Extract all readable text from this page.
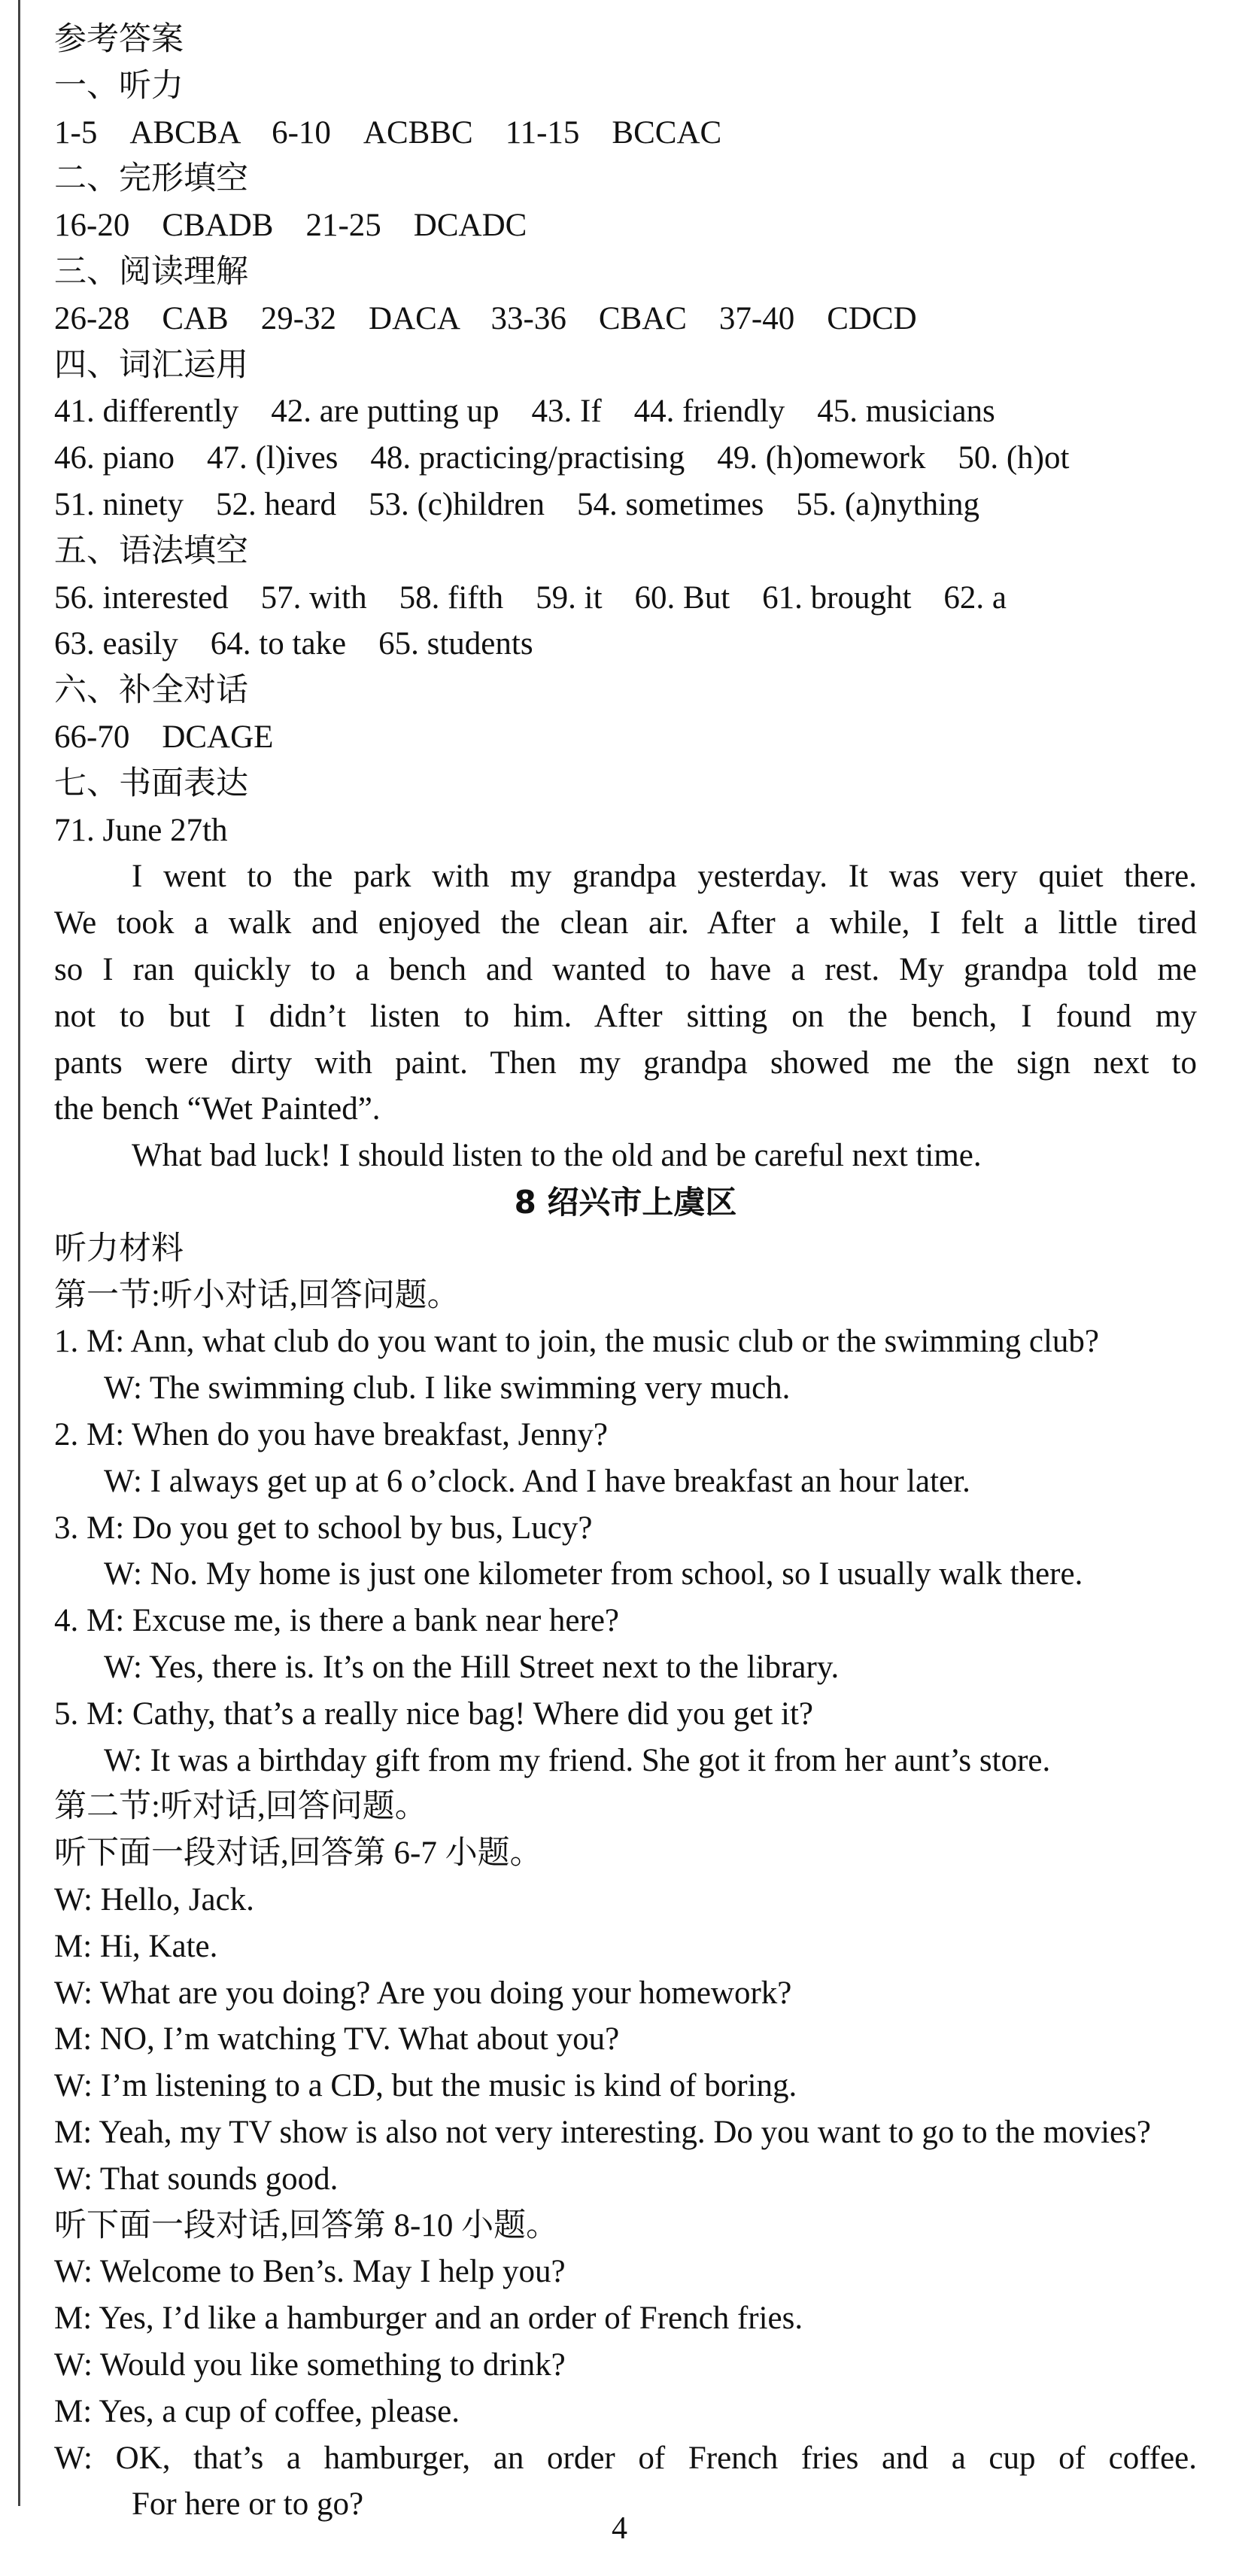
参考答案
一、听力
1-5　ABCBA　6-10　ACBBC　11-15　BCCAC
二、完形填空
16-20　CBADB　21-25　DCADC
三、阅读理解
26-28　CAB　29-32　DACA　33-36　CBAC　37-40　CDCD
四、词汇运用
41. differently　42. are putting up　43. If　44. friendly　45. musicians
46. piano　47. (l)ives　48. practicing/practising　49. (h)omework　50. (h)ot
51. ninety　52. heard　53. (c)hildren　54. sometimes　55. (a)nything
五、语法填空
56. interested　57. with　58. fifth　59. it　60. But　61. brought　62. a
63. easily　64. to take　65. students
六、补全对话
66-70　DCAGE
七、书面表达
71. June 27th
I went to the park with my grandpa yesterday. It was very quiet there.
We took a walk and enjoyed the clean air. After a while, I felt a little tired
so I ran quickly to a bench and wanted to have a rest. My grandpa told me
not to but I didn’t listen to him. After sitting on the bench, I found my
pants were dirty with paint. Then my grandpa showed me the sign next to
the bench “Wet Painted”.
What bad luck! I should listen to the old and be careful next time.
8 绍兴市上虞区
听力材料
第一节:听小对话,回答问题。
1. M: Ann, what club do you want to join, the music club or the swimming club?
W: The swimming club. I like swimming very much.
2. M: When do you have breakfast, Jenny?
W: I always get up at 6 o’clock. And I have breakfast an hour later.
3. M: Do you get to school by bus, Lucy?
W: No. My home is just one kilometer from school, so I usually walk there.
4. M: Excuse me, is there a bank near here?
W: Yes, there is. It’s on the Hill Street next to the library.
5. M: Cathy, that’s a really nice bag! Where did you get it?
W: It was a birthday gift from my friend. She got it from her aunt’s store.
第二节:听对话,回答问题。
听下面一段对话,回答第 6-7 小题。
W: Hello, Jack.
M: Hi, Kate.
W: What are you doing? Are you doing your homework?
M: NO, I’m watching TV. What about you?
W: I’m listening to a CD, but the music is kind of boring.
M: Yeah, my TV show is also not very interesting. Do you want to go to the movies?
W: That sounds good.
听下面一段对话,回答第 8-10 小题。
W: Welcome to Ben’s. May I help you?
M: Yes, I’d like a hamburger and an order of French fries.
W: Would you like something to drink?
M: Yes, a cup of coffee, please.
W: OK, that’s a hamburger, an order of French fries and a cup of coffee.
For here or to go?
4
